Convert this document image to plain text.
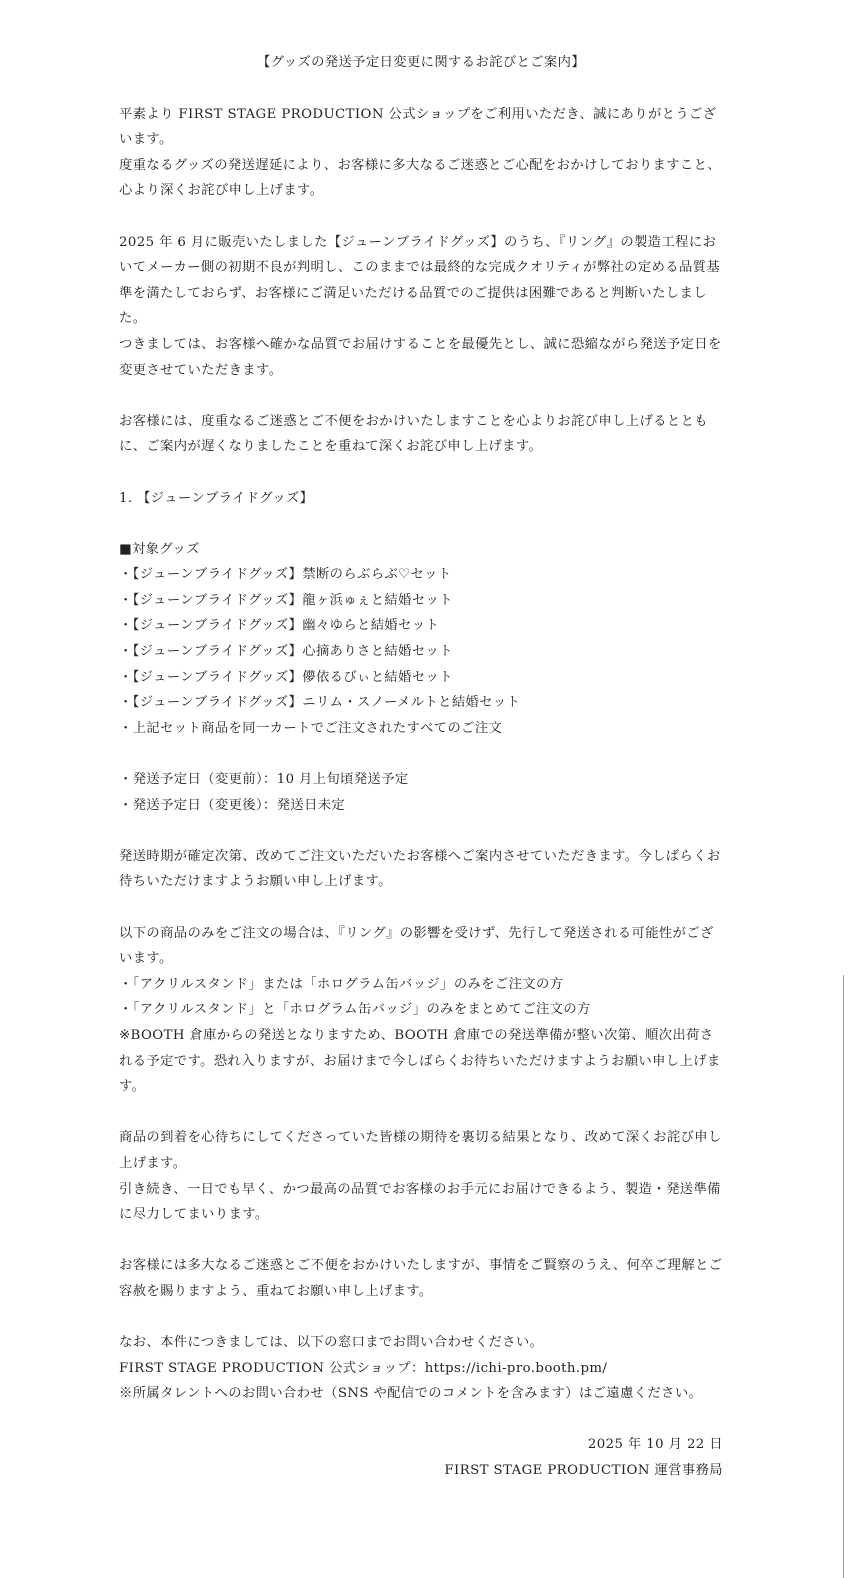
【グッズの発送予定日変更に関するお詫びとご案内】

平素より FIRST STAGE PRODUCTION 公式ショップをご利用いただき、誠にありがとうございます。

度重なるグッズの発送遅延により、お客様に多大なるご迷惑とご心配をおかけしておりますこと、心より深くお詫び申し上げます。

2025 年 6 月に販売いたしました【ジューンブライドグッズ】のうち、『リング』の製造工程においてメーカー側の初期不良が判明し、このままでは最終的な完成クオリティが弊社の定める品質基準を満たしておらず、お客様にご満足いただける品質でのご提供は困難であると判断いたしました。

つきましては、お客様へ確かな品質でお届けすることを最優先とし、誠に恐縮ながら発送予定日を変更させていただきます。

お客様には、度重なるご迷惑とご不便をおかけいたしますことを心よりお詫び申し上げるとともに、ご案内が遅くなりましたことを重ねて深くお詫び申し上げます。

1. 【ジューンブライドグッズ】

■対象グッズ

・【ジューンブライドグッズ】禁断のらぶらぶ♡セット

・【ジューンブライドグッズ】龍ヶ浜ゅぇと結婚セット

・【ジューンブライドグッズ】幽々ゆらと結婚セット

・【ジューンブライドグッズ】心摘ありさと結婚セット

・【ジューンブライドグッズ】儚依るびぃと結婚セット

・【ジューンブライドグッズ】ニリム・スノーメルトと結婚セット

・上記セット商品を同一カートでご注文されたすべてのご注文

・発送予定日（変更前）：10 月上旬頃発送予定

・発送予定日（変更後）：発送日未定

発送時期が確定次第、改めてご注文いただいたお客様へご案内させていただきます。今しばらくお待ちいただけますようお願い申し上げます。

以下の商品のみをご注文の場合は、『リング』の影響を受けず、先行して発送される可能性がございます。

・「アクリルスタンド」または「ホログラム缶バッジ」のみをご注文の方

・「アクリルスタンド」と「ホログラム缶バッジ」のみをまとめてご注文の方

※BOOTH 倉庫からの発送となりますため、BOOTH 倉庫での発送準備が整い次第、順次出荷される予定です。恐れ入りますが、お届けまで今しばらくお待ちいただけますようお願い申し上げます。

商品の到着を心待ちにしてくださっていた皆様の期待を裏切る結果となり、改めて深くお詫び申し上げます。

引き続き、一日でも早く、かつ最高の品質でお客様のお手元にお届けできるよう、製造・発送準備に尽力してまいります。

お客様には多大なるご迷惑とご不便をおかけいたしますが、事情をご賢察のうえ、何卒ご理解とご容赦を賜りますよう、重ねてお願い申し上げます。

なお、本件につきましては、以下の窓口までお問い合わせください。

FIRST STAGE PRODUCTION 公式ショップ：https://ichi-pro.booth.pm/

※所属タレントへのお問い合わせ（SNS や配信でのコメントを含みます）はご遠慮ください。

2025 年 10 月 22 日

FIRST STAGE PRODUCTION 運営事務局
